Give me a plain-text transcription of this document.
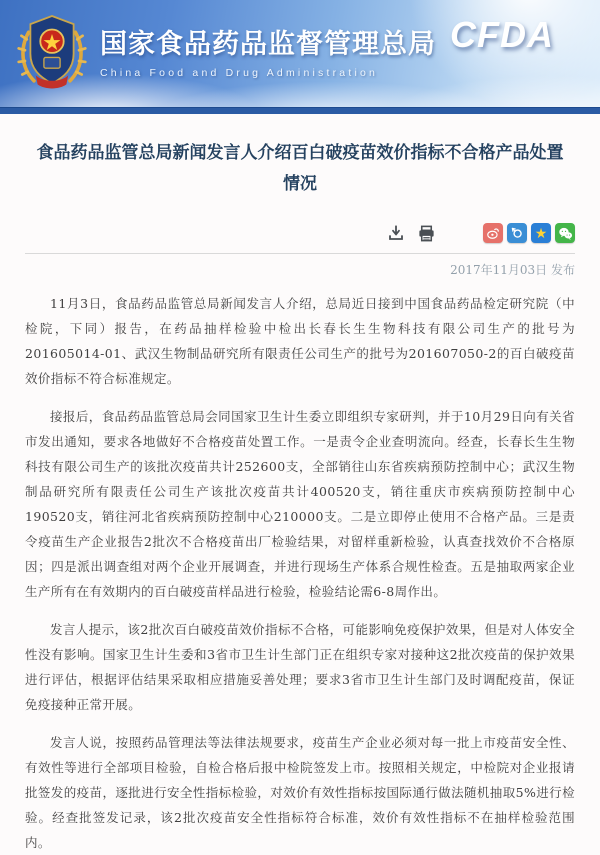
国家食品药品监督管理总局
China Food and Drug Administration
CFDA
食品药品监管总局新闻发言人介绍百白破疫苗效价指标不合格产品处置情况
★
2017年11月03日 发布

11月3日，食品药品监管总局新闻发言人介绍，总局近日接到中国食品药品检定研究院（中检院，下同）报告，在药品抽样检验中检出长春长生生物科技有限公司生产的批号为201605014-01、武汉生物制品研究所有限责任公司生产的批号为201607050-2的百白破疫苗效价指标不符合标准规定。

接报后，食品药品监管总局会同国家卫生计生委立即组织专家研判，并于10月29日向有关省市发出通知，要求各地做好不合格疫苗处置工作。一是责令企业查明流向。经查，长春长生生物科技有限公司生产的该批次疫苗共计252600支，全部销往山东省疾病预防控制中心；武汉生物制品研究所有限责任公司生产该批次疫苗共计400520支，销往重庆市疾病预防控制中心190520支，销往河北省疾病预防控制中心210000支。二是立即停止使用不合格产品。三是责令疫苗生产企业报告2批次不合格疫苗出厂检验结果，对留样重新检验，认真查找效价不合格原因；四是派出调查组对两个企业开展调查，并进行现场生产体系合规性检查。五是抽取两家企业生产所有在有效期内的百白破疫苗样品进行检验，检验结论需6-8周作出。

发言人提示，该2批次百白破疫苗效价指标不合格，可能影响免疫保护效果，但是对人体安全性没有影响。国家卫生计生委和3省市卫生计生部门正在组织专家对接种这2批次疫苗的保护效果进行评估，根据评估结果采取相应措施妥善处理；要求3省市卫生计生部门及时调配疫苗，保证免疫接种正常开展。

发言人说，按照药品管理法等法律法规要求，疫苗生产企业必须对每一批上市疫苗安全性、有效性等进行全部项目检验，自检合格后报中检院签发上市。按照相关规定，中检院对企业报请批签发的疫苗，逐批进行安全性指标检验，对效价有效性指标按国际通行做法随机抽取5%进行检验。经查批签发记录，该2批次疫苗安全性指标符合标准，效价有效性指标不在抽样检验范围内。
